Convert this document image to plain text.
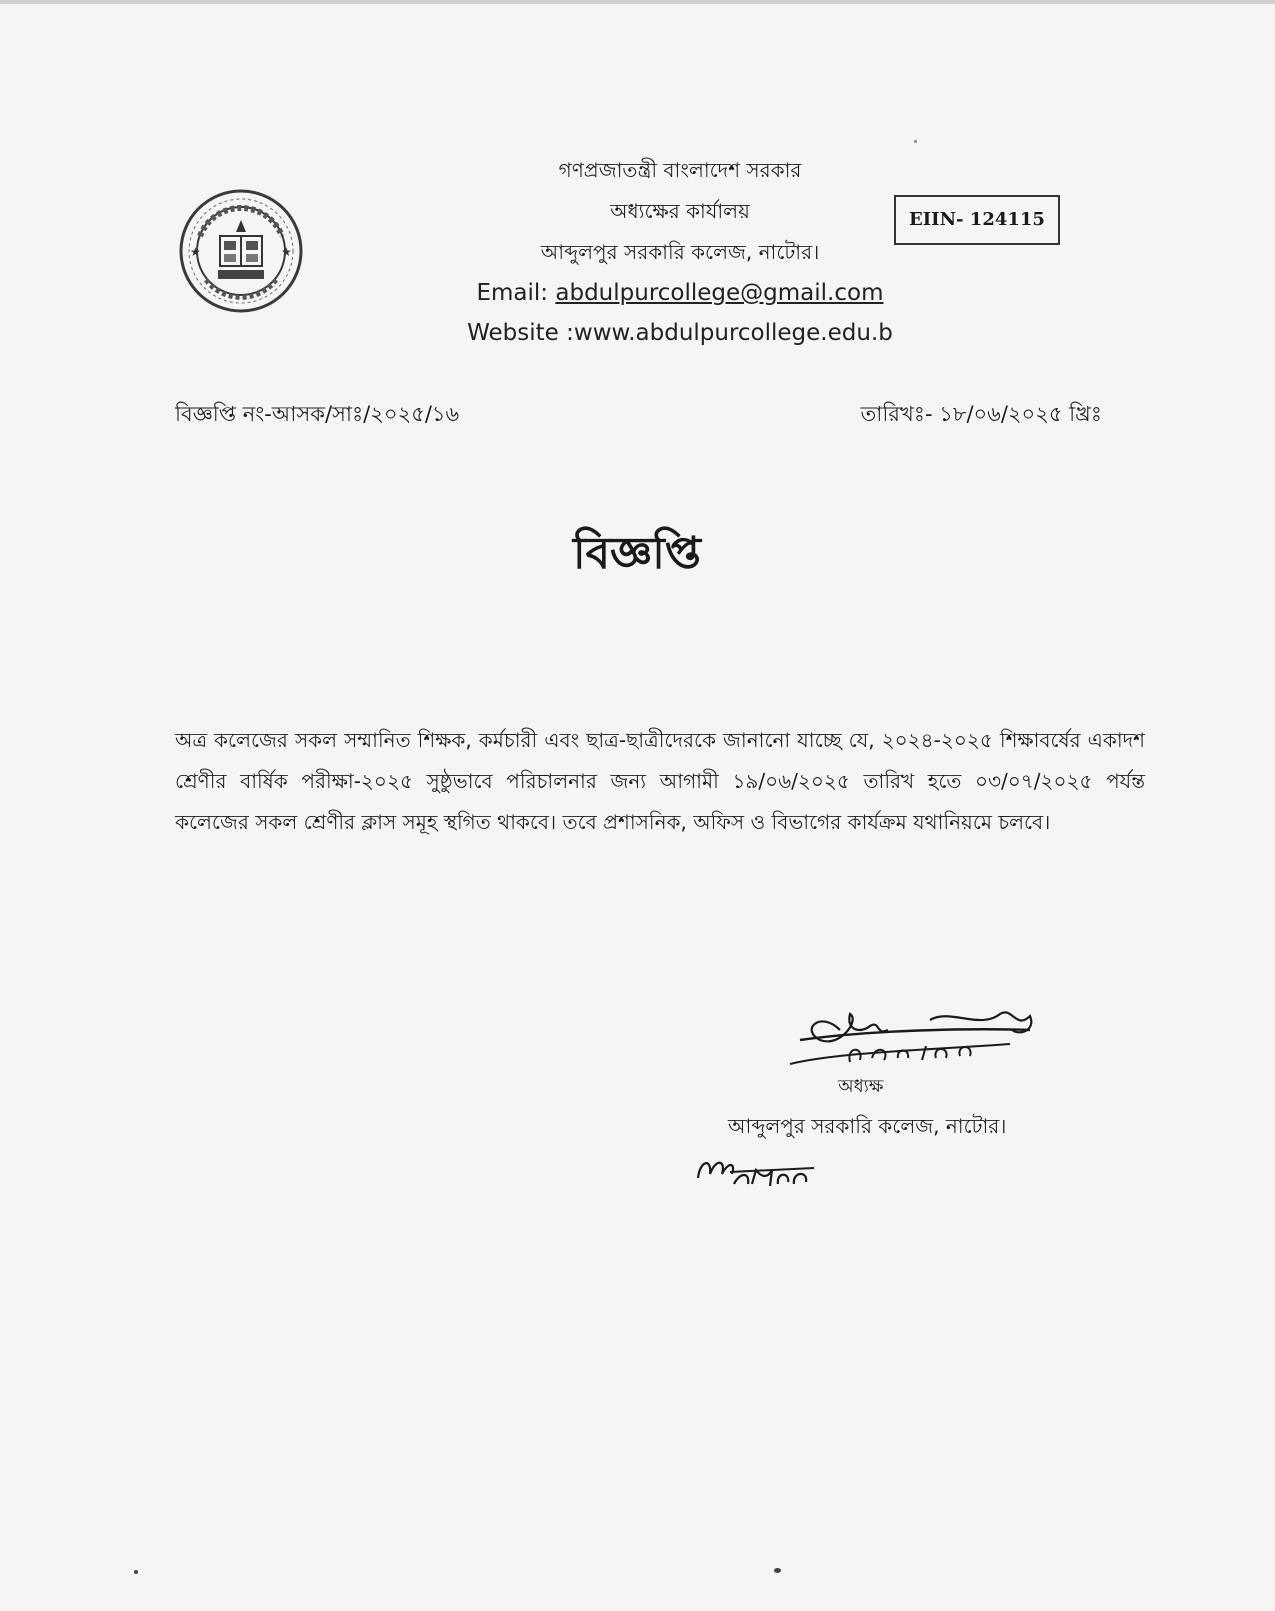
★	★
গণপ্রজাতন্ত্রী বাংলাদেশ সরকার
অধ্যক্ষের কার্যালয়
আব্দুলপুর সরকারি কলেজ, নাটোর।
Email: abdulpurcollege@gmail.com
Website :www.abdulpurcollege.edu.b
EIIN- 124115
বিজ্ঞপ্তি নং-আসক/সাঃ/২০২৫/১৬	তারিখঃ- ১৮/০৬/২০২৫ খ্রিঃ
বিজ্ঞপ্তি
অত্র কলেজের সকল সম্মানিত শিক্ষক, কর্মচারী এবং ছাত্র-ছাত্রীদেরকে জানানো যাচ্ছে যে, ২০২৪-২০২৫ শিক্ষাবর্ষের একাদশ শ্রেণীর বার্ষিক পরীক্ষা-২০২৫ সুষ্ঠুভাবে পরিচালনার জন্য আগামী ১৯/০৬/২০২৫ তারিখ হতে ০৩/০৭/২০২৫ পর্যন্ত কলেজের সকল শ্রেণীর ক্লাস সমূহ স্থগিত থাকবে। তবে প্রশাসনিক, অফিস ও বিভাগের কার্যক্রম যথানিয়মে চলবে।
অধ্যক্ষ
আব্দুলপুর সরকারি কলেজ, নাটোর।
